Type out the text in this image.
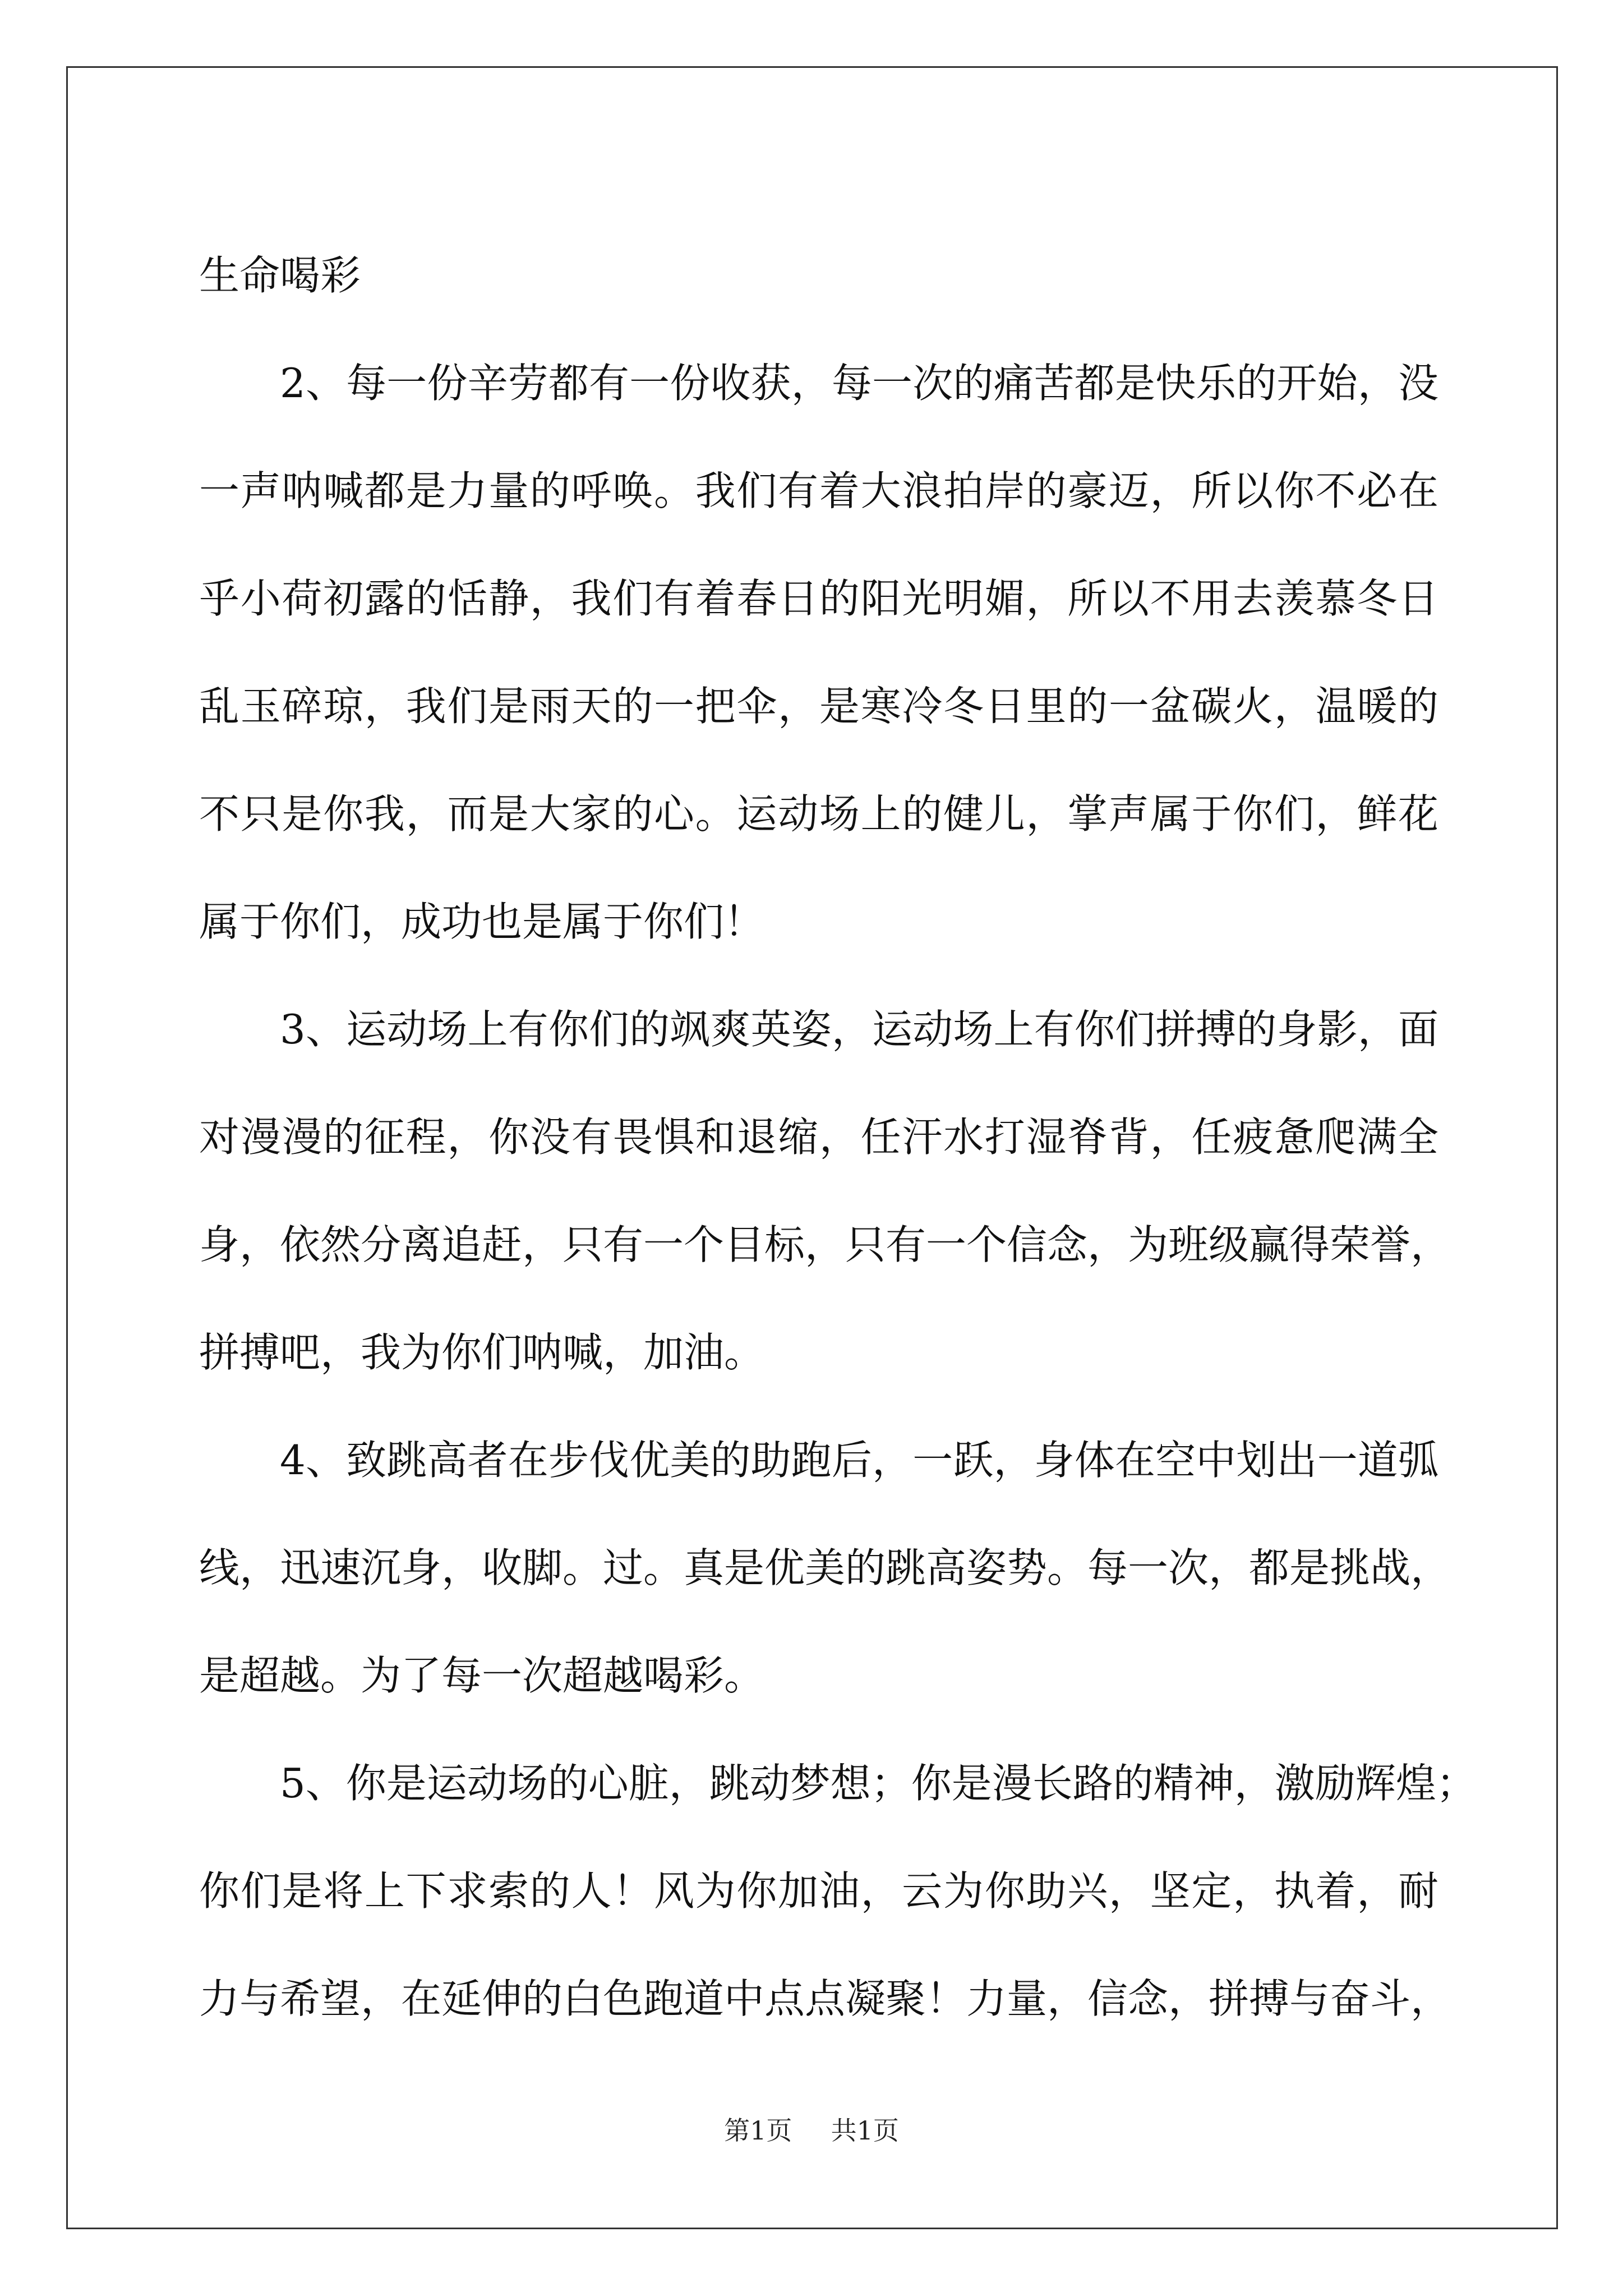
生命喝彩
2、每一份辛劳都有一份收获，每一次的痛苦都是快乐的开始，没
一声呐喊都是力量的呼唤。我们有着大浪拍岸的豪迈，所以你不必在
乎小荷初露的恬静，我们有着春日的阳光明媚，所以不用去羡慕冬日
乱玉碎琼，我们是雨天的一把伞，是寒冷冬日里的一盆碳火，温暖的
不只是你我，而是大家的心。运动场上的健儿，掌声属于你们，鲜花
属于你们，成功也是属于你们！
3、运动场上有你们的飒爽英姿，运动场上有你们拼搏的身影，面
对漫漫的征程，你没有畏惧和退缩，任汗水打湿脊背，任疲惫爬满全
身，依然分离追赶，只有一个目标，只有一个信念，为班级赢得荣誉，
拼搏吧，我为你们呐喊，加油。
4、致跳高者在步伐优美的助跑后，一跃，身体在空中划出一道弧
线，迅速沉身，收脚。过。真是优美的跳高姿势。每一次，都是挑战，
是超越。为了每一次超越喝彩。
5、你是运动场的心脏，跳动梦想；你是漫长路的精神，激励辉煌；
你们是将上下求索的人！风为你加油，云为你助兴，坚定，执着，耐
力与希望，在延伸的白色跑道中点点凝聚！力量，信念，拼搏与奋斗，
第1页 共1页
